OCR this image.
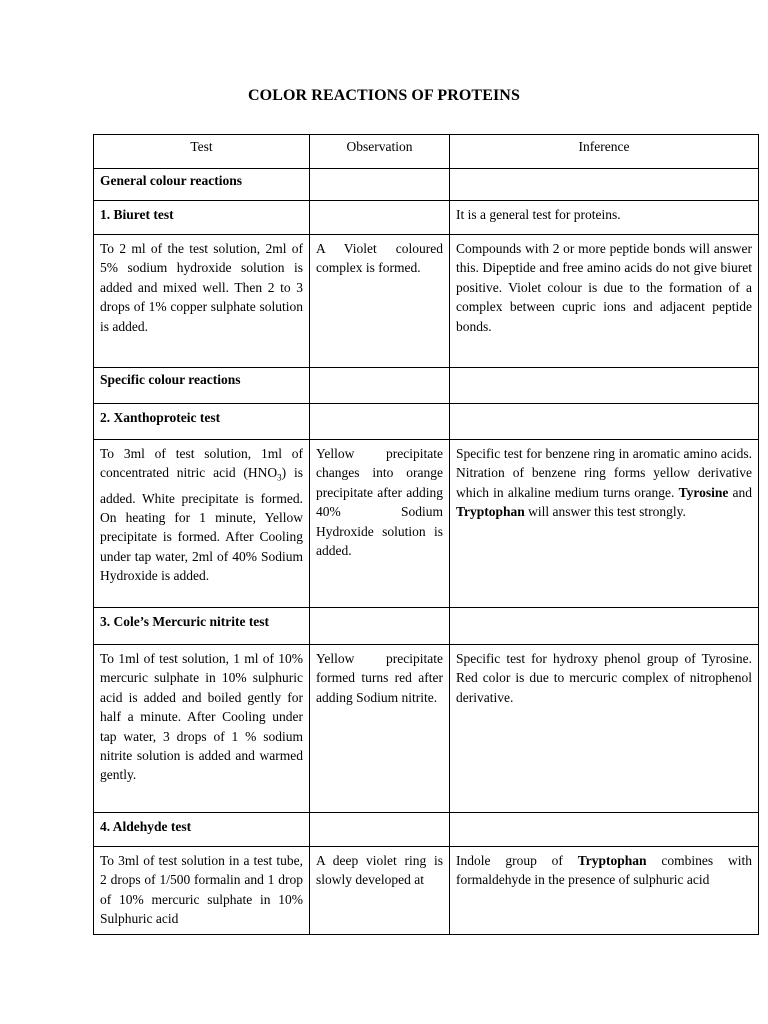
COLOR REACTIONS OF PROTEINS
Test	Observation	Inference
General colour reactions		
1. Biuret test		It is a general test for proteins.
To 2 ml of the test solution, 2ml of 5% sodium hydroxide solution is added and mixed well. Then 2 to 3 drops of 1% copper sulphate solution is added.	A Violet coloured complex is formed.	Compounds with 2 or more peptide bonds will answer this. Dipeptide and free amino acids do not give biuret positive. Violet colour is due to the formation of a complex between cupric ions and adjacent peptide bonds.
Specific colour reactions		
2. Xanthoproteic test		
To 3ml of test solution, 1ml of concentrated nitric acid $(HNO_3)$ is added. White precipitate is formed. On heating for 1 minute, Yellow precipitate is formed. After Cooling under tap water, 2ml of 40% Sodium Hydroxide is added.	Yellow precipitate changes into orange precipitate after adding 40% Sodium Hydroxide solution is added.	Specific test for benzene ring in aromatic amino acids. Nitration of benzene ring forms yellow derivative which in alkaline medium turns orange. Tyrosine and Tryptophan will answer this test strongly.
3. Cole’s Mercuric nitrite test		
To 1ml of test solution, 1 ml of 10% mercuric sulphate in 10% sulphuric acid is added and boiled gently for half a minute. After Cooling under tap water, 3 drops of 1 % sodium nitrite solution is added and warmed gently.	Yellow precipitate formed turns red after adding Sodium nitrite.	Specific test for hydroxy phenol group of Tyrosine. Red color is due to mercuric complex of nitrophenol derivative.
4. Aldehyde test		
To 3ml of test solution in a test tube, 2 drops of 1/500 formalin and 1 drop of 10% mercuric sulphate in 10% Sulphuric acid	A deep violet ring is slowly developed at	Indole group of Tryptophan combines with formaldehyde in the presence of sulphuric acid
